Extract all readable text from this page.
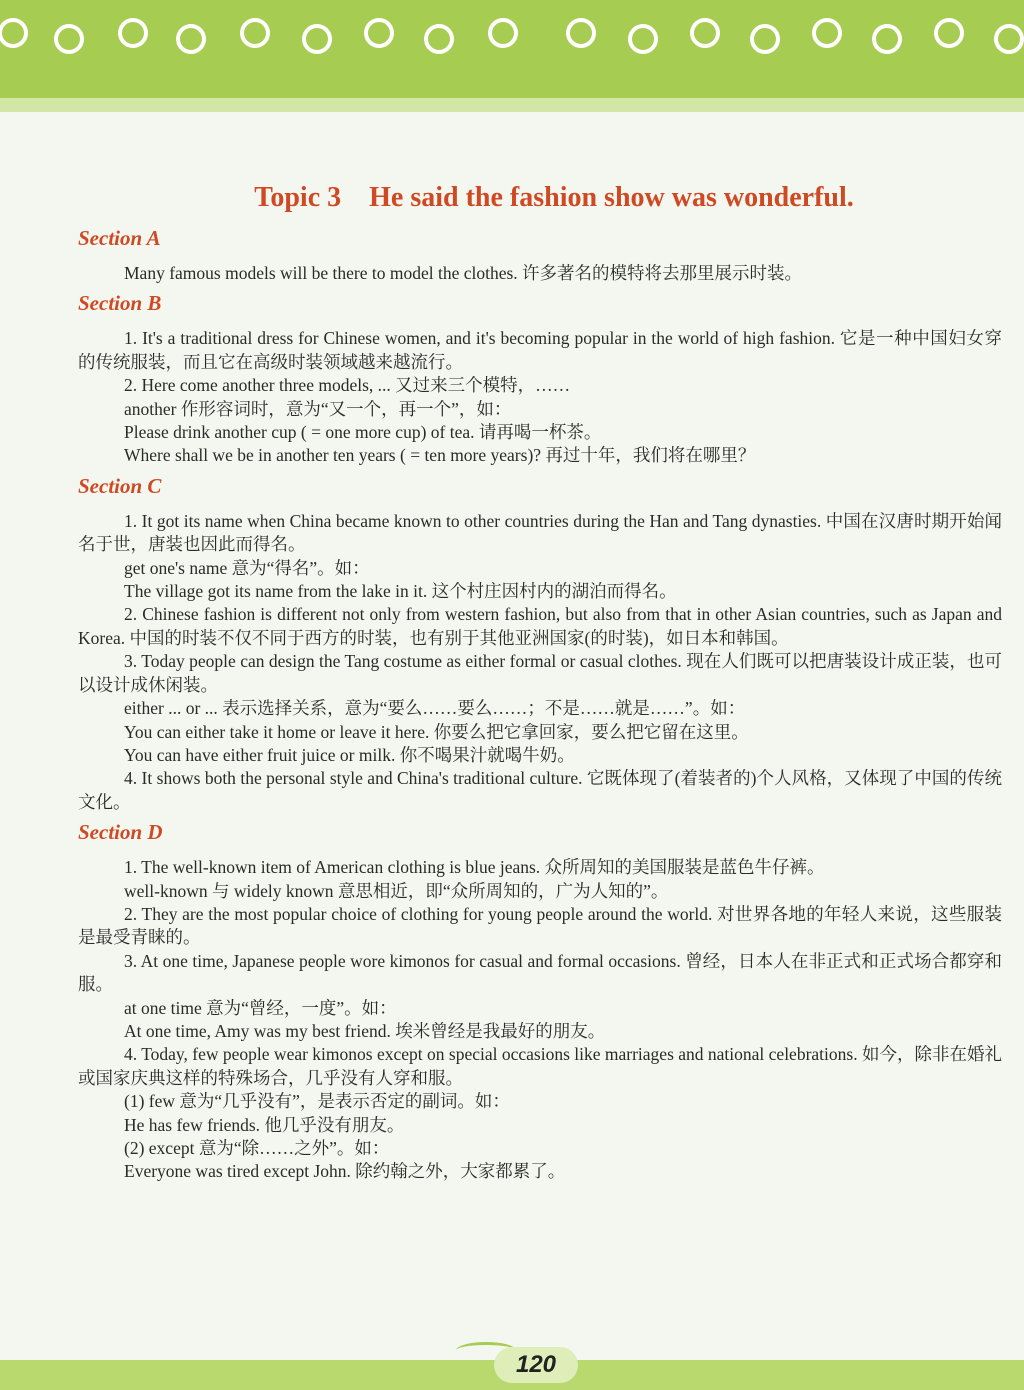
Topic 3    He said the fashion show was wonderful.
Section A

Many famous models will be there to model the clothes. 许多著名的模特将去那里展示时装。

Section B

1. It's a traditional dress for Chinese women, and it's becoming popular in the world of high fashion. 它是一种中国妇女穿的传统服装，而且它在高级时装领域越来越流行。

2. Here come another three models, ... 又过来三个模特，……

another 作形容词时，意为“又一个，再一个”，如：

Please drink another cup ( = one more cup) of tea. 请再喝一杯茶。

Where shall we be in another ten years ( = ten more years)? 再过十年，我们将在哪里？

Section C

1. It got its name when China became known to other countries during the Han and Tang dynasties. 中国在汉唐时期开始闻名于世，唐装也因此而得名。

get one's name 意为“得名”。如：

The village got its name from the lake in it. 这个村庄因村内的湖泊而得名。

2. Chinese fashion is different not only from western fashion, but also from that in other Asian countries, such as Japan and Korea. 中国的时装不仅不同于西方的时装，也有别于其他亚洲国家(的时装)，如日本和韩国。

3. Today people can design the Tang costume as either formal or casual clothes. 现在人们既可以把唐装设计成正装，也可以设计成休闲装。

either ... or ... 表示选择关系，意为“要么……要么……；不是……就是……”。如：

You can either take it home or leave it here. 你要么把它拿回家，要么把它留在这里。

You can have either fruit juice or milk. 你不喝果汁就喝牛奶。

4. It shows both the personal style and China's traditional culture. 它既体现了(着装者的)个人风格，又体现了中国的传统文化。

Section D

1. The well-known item of American clothing is blue jeans. 众所周知的美国服装是蓝色牛仔裤。

well-known 与 widely known 意思相近，即“众所周知的，广为人知的”。

2. They are the most popular choice of clothing for young people around the world. 对世界各地的年轻人来说，这些服装是最受青睐的。

3. At one time, Japanese people wore kimonos for casual and formal occasions. 曾经，日本人在非正式和正式场合都穿和服。

at one time 意为“曾经，一度”。如：

At one time, Amy was my best friend. 埃米曾经是我最好的朋友。

4. Today, few people wear kimonos except on special occasions like marriages and national celebrations. 如今，除非在婚礼或国家庆典这样的特殊场合，几乎没有人穿和服。

(1) few 意为“几乎没有”，是表示否定的副词。如：

He has few friends. 他几乎没有朋友。

(2) except 意为“除……之外”。如：

Everyone was tired except John. 除约翰之外，大家都累了。

120
